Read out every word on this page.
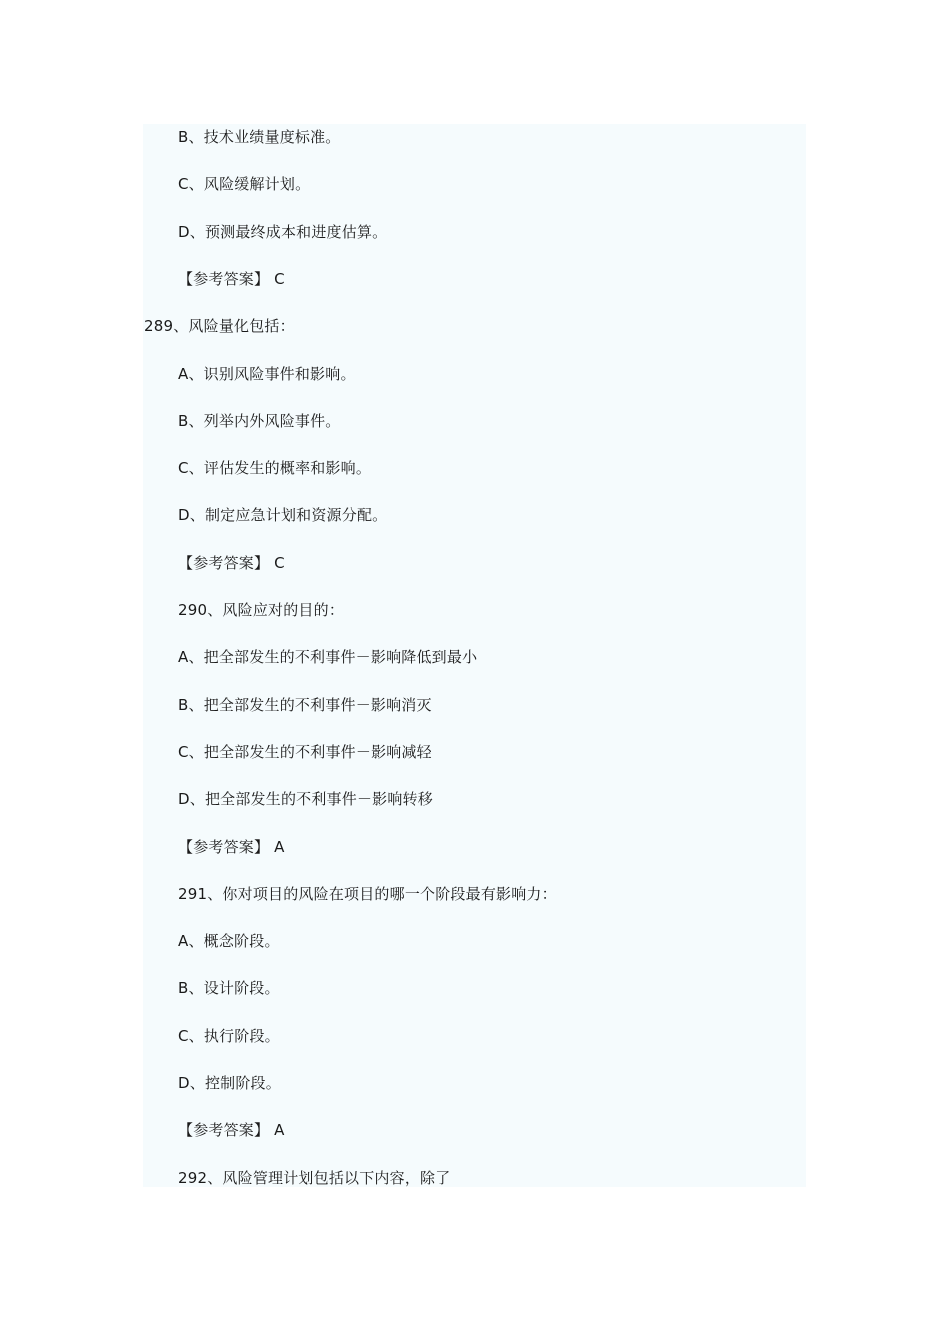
B、技术业绩量度标准。
C、风险缓解计划。
D、预测最终成本和进度估算。
【参考答案】 C
289、风险量化包括：
A、识别风险事件和影响。
B、列举内外风险事件。
C、评估发生的概率和影响。
D、制定应急计划和资源分配。
【参考答案】 C
290、风险应对的目的：
A、把全部发生的不利事件－影响降低到最小
B、把全部发生的不利事件－影响消灭
C、把全部发生的不利事件－影响减轻
D、把全部发生的不利事件－影响转移
【参考答案】 A
291、你对项目的风险在项目的哪一个阶段最有影响力：
A、概念阶段。
B、设计阶段。
C、执行阶段。
D、控制阶段。
【参考答案】 A
292、风险管理计划包括以下内容，除了
